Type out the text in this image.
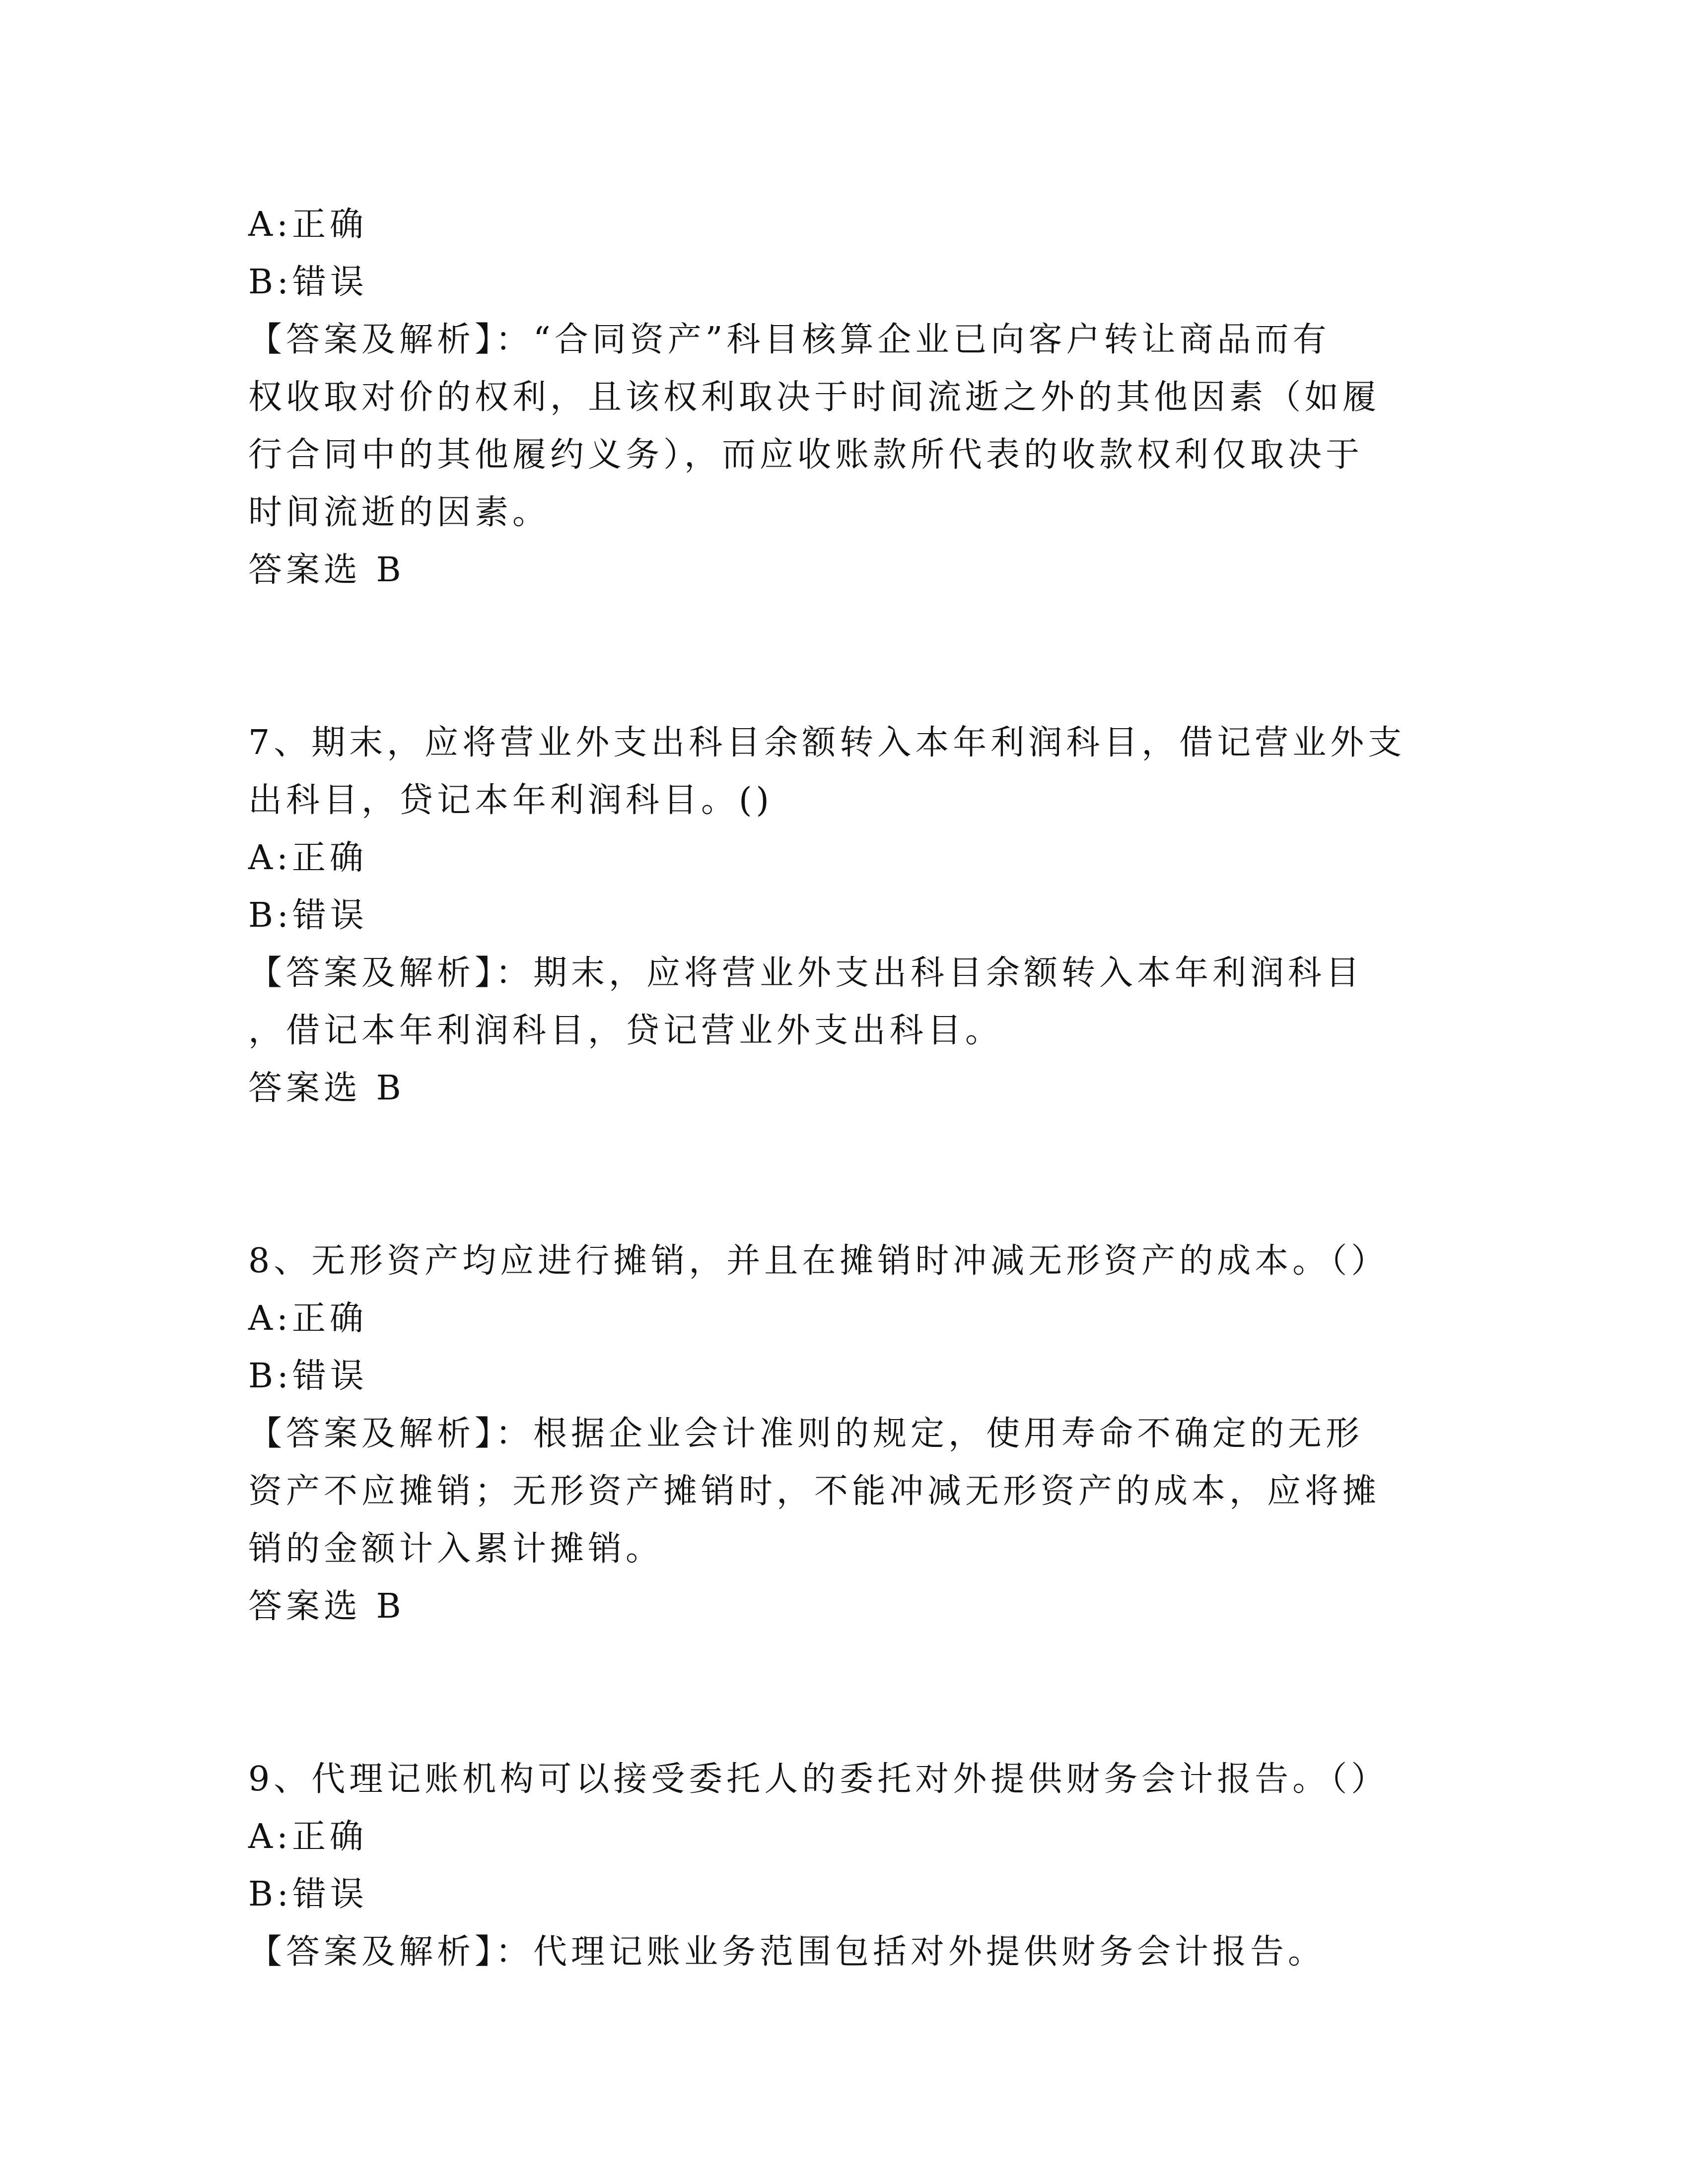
A:正确
B:错误
【答案及解析】：“合同资产”科目核算企业已向客户转让商品而有
权收取对价的权利，且该权利取决于时间流逝之外的其他因素（如履
行合同中的其他履约义务），而应收账款所代表的收款权利仅取决于
时间流逝的因素。
答案选 B
7、期末，应将营业外支出科目余额转入本年利润科目，借记营业外支
出科目，贷记本年利润科目。()
A:正确
B:错误
【答案及解析】：期末，应将营业外支出科目余额转入本年利润科目
，借记本年利润科目，贷记营业外支出科目。
答案选 B
8、无形资产均应进行摊销，并且在摊销时冲减无形资产的成本。（）
A:正确
B:错误
【答案及解析】：根据企业会计准则的规定，使用寿命不确定的无形
资产不应摊销；无形资产摊销时，不能冲减无形资产的成本，应将摊
销的金额计入累计摊销。
答案选 B
9、代理记账机构可以接受委托人的委托对外提供财务会计报告。（）
A:正确
B:错误
【答案及解析】：代理记账业务范围包括对外提供财务会计报告。
